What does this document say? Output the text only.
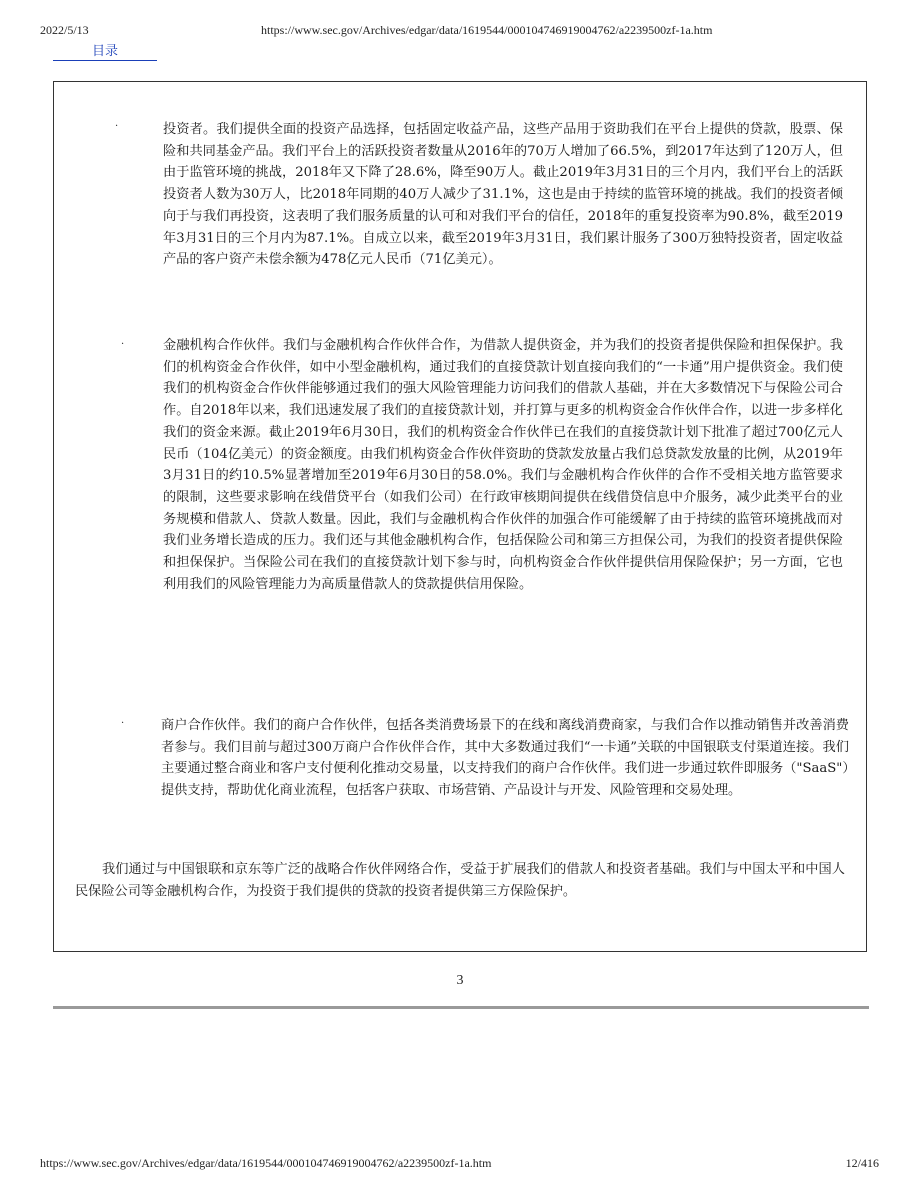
2022/5/13	https://www.sec.gov/Archives/edgar/data/1619544/000104746919004762/a2239500zf-1a.htm
目录
·	投资者。我们提供全面的投资产品选择，包括固定收益产品，这些产品用于资助我们在平台上提供的贷款，股票、保险和共同基金产品。我们平台上的活跃投资者数量从2016年的70万人增加了66.5%，到2017年达到了120万人，但由于监管环境的挑战，2018年又下降了28.6%，降至90万人。截止2019年3月31日的三个月内，我们平台上的活跃投资者人数为30万人，比2018年同期的40万人减少了31.1%，这也是由于持续的监管环境的挑战。我们的投资者倾向于与我们再投资，这表明了我们服务质量的认可和对我们平台的信任，2018年的重复投资率为90.8%，截至2019年3月31日的三个月内为87.1%。自成立以来，截至2019年3月31日，我们累计服务了300万独特投资者，固定收益产品的客户资产未偿余额为478亿元人民币（71亿美元）。

·	金融机构合作伙伴。我们与金融机构合作伙伴合作，为借款人提供资金，并为我们的投资者提供保险和担保保护。我们的机构资金合作伙伴，如中小型金融机构，通过我们的直接贷款计划直接向我们的“一卡通”用户提供资金。我们使我们的机构资金合作伙伴能够通过我们的强大风险管理能力访问我们的借款人基础，并在大多数情况下与保险公司合作。自2018年以来，我们迅速发展了我们的直接贷款计划，并打算与更多的机构资金合作伙伴合作，以进一步多样化我们的资金来源。截止2019年6月30日，我们的机构资金合作伙伴已在我们的直接贷款计划下批准了超过700亿元人民币（104亿美元）的资金额度。由我们机构资金合作伙伴资助的贷款发放量占我们总贷款发放量的比例，从2019年3月31日的约10.5%显著增加至2019年6月30日的58.0%。我们与金融机构合作伙伴的合作不受相关地方监管要求的限制，这些要求影响在线借贷平台（如我们公司）在行政审核期间提供在线借贷信息中介服务，减少此类平台的业务规模和借款人、贷款人数量。因此，我们与金融机构合作伙伴的加强合作可能缓解了由于持续的监管环境挑战而对我们业务增长造成的压力。我们还与其他金融机构合作，包括保险公司和第三方担保公司，为我们的投资者提供保险和担保保护。当保险公司在我们的直接贷款计划下参与时，向机构资金合作伙伴提供信用保险保护；另一方面，它也利用我们的风险管理能力为高质量借款人的贷款提供信用保险。

·	商户合作伙伴。我们的商户合作伙伴，包括各类消费场景下的在线和离线消费商家，与我们合作以推动销售并改善消费者参与。我们目前与超过300万商户合作伙伴合作，其中大多数通过我们“一卡通”关联的中国银联支付渠道连接。我们主要通过整合商业和客户支付便利化推动交易量，以支持我们的商户合作伙伴。我们进一步通过软件即服务（"SaaS"）提供支持，帮助优化商业流程，包括客户获取、市场营销、产品设计与开发、风险管理和交易处理。

我们通过与中国银联和京东等广泛的战略合作伙伴网络合作，受益于扩展我们的借款人和投资者基础。我们与中国太平和中国人民保险公司等金融机构合作，为投资于我们提供的贷款的投资者提供第三方保险保护。

3
https://www.sec.gov/Archives/edgar/data/1619544/000104746919004762/a2239500zf-1a.htm	12/416
